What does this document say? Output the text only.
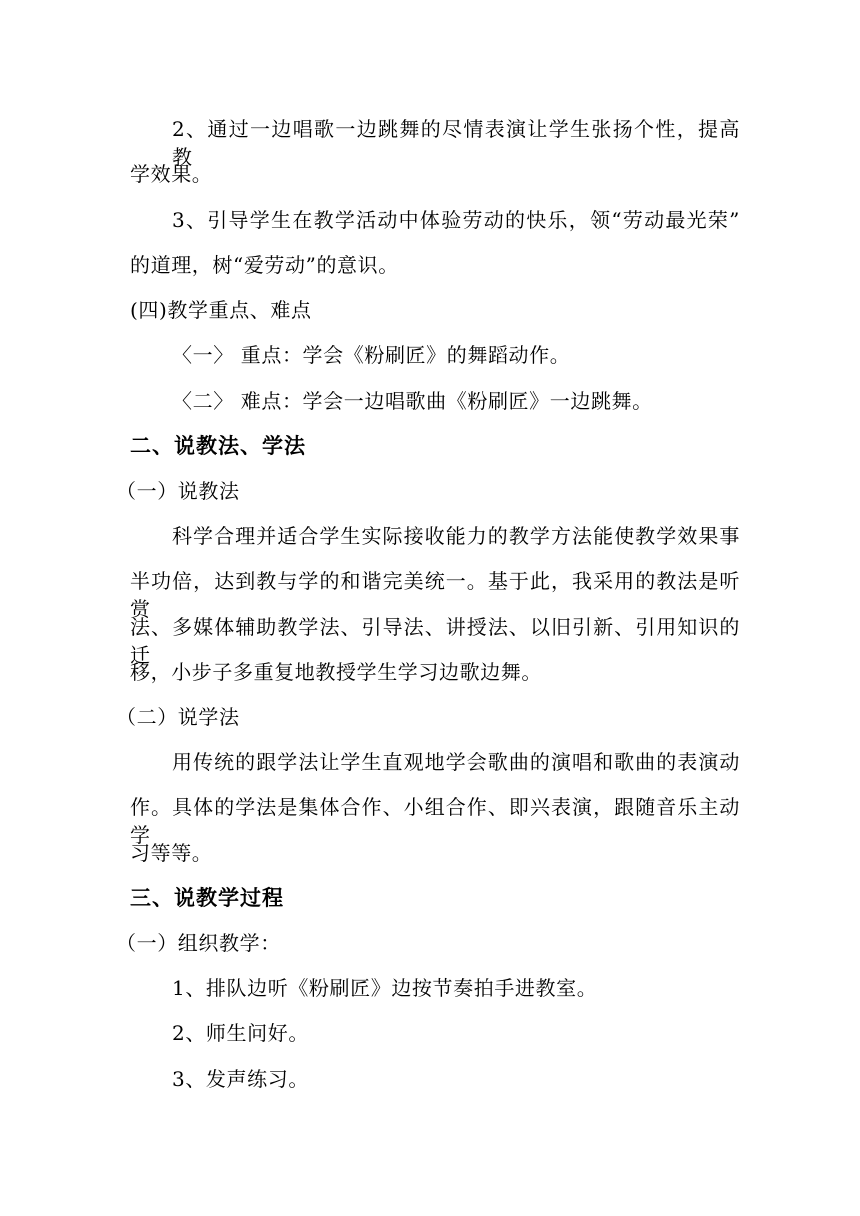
2、通过一边唱歌一边跳舞的尽情表演让学生张扬个性，提高教
学效果。
3、引导学生在教学活动中体验劳动的快乐，领“劳动最光荣”
的道理，树“爱劳动”的意识。
(四)教学重点、难点
〈一〉 重点：学会《粉刷匠》的舞蹈动作。
〈二〉 难点：学会一边唱歌曲《粉刷匠》一边跳舞。
二、说教法、学法
（一）说教法
科学合理并适合学生实际接收能力的教学方法能使教学效果事
半功倍，达到教与学的和谐完美统一。基于此，我采用的教法是听赏
法、多媒体辅助教学法、引导法、讲授法、以旧引新、引用知识的迁
移，小步子多重复地教授学生学习边歌边舞。
（二）说学法
用传统的跟学法让学生直观地学会歌曲的演唱和歌曲的表演动
作。具体的学法是集体合作、小组合作、即兴表演，跟随音乐主动学
习等等。
三、说教学过程
（一）组织教学：
1、排队边听《粉刷匠》边按节奏拍手进教室。
2、师生问好。
3、发声练习。
